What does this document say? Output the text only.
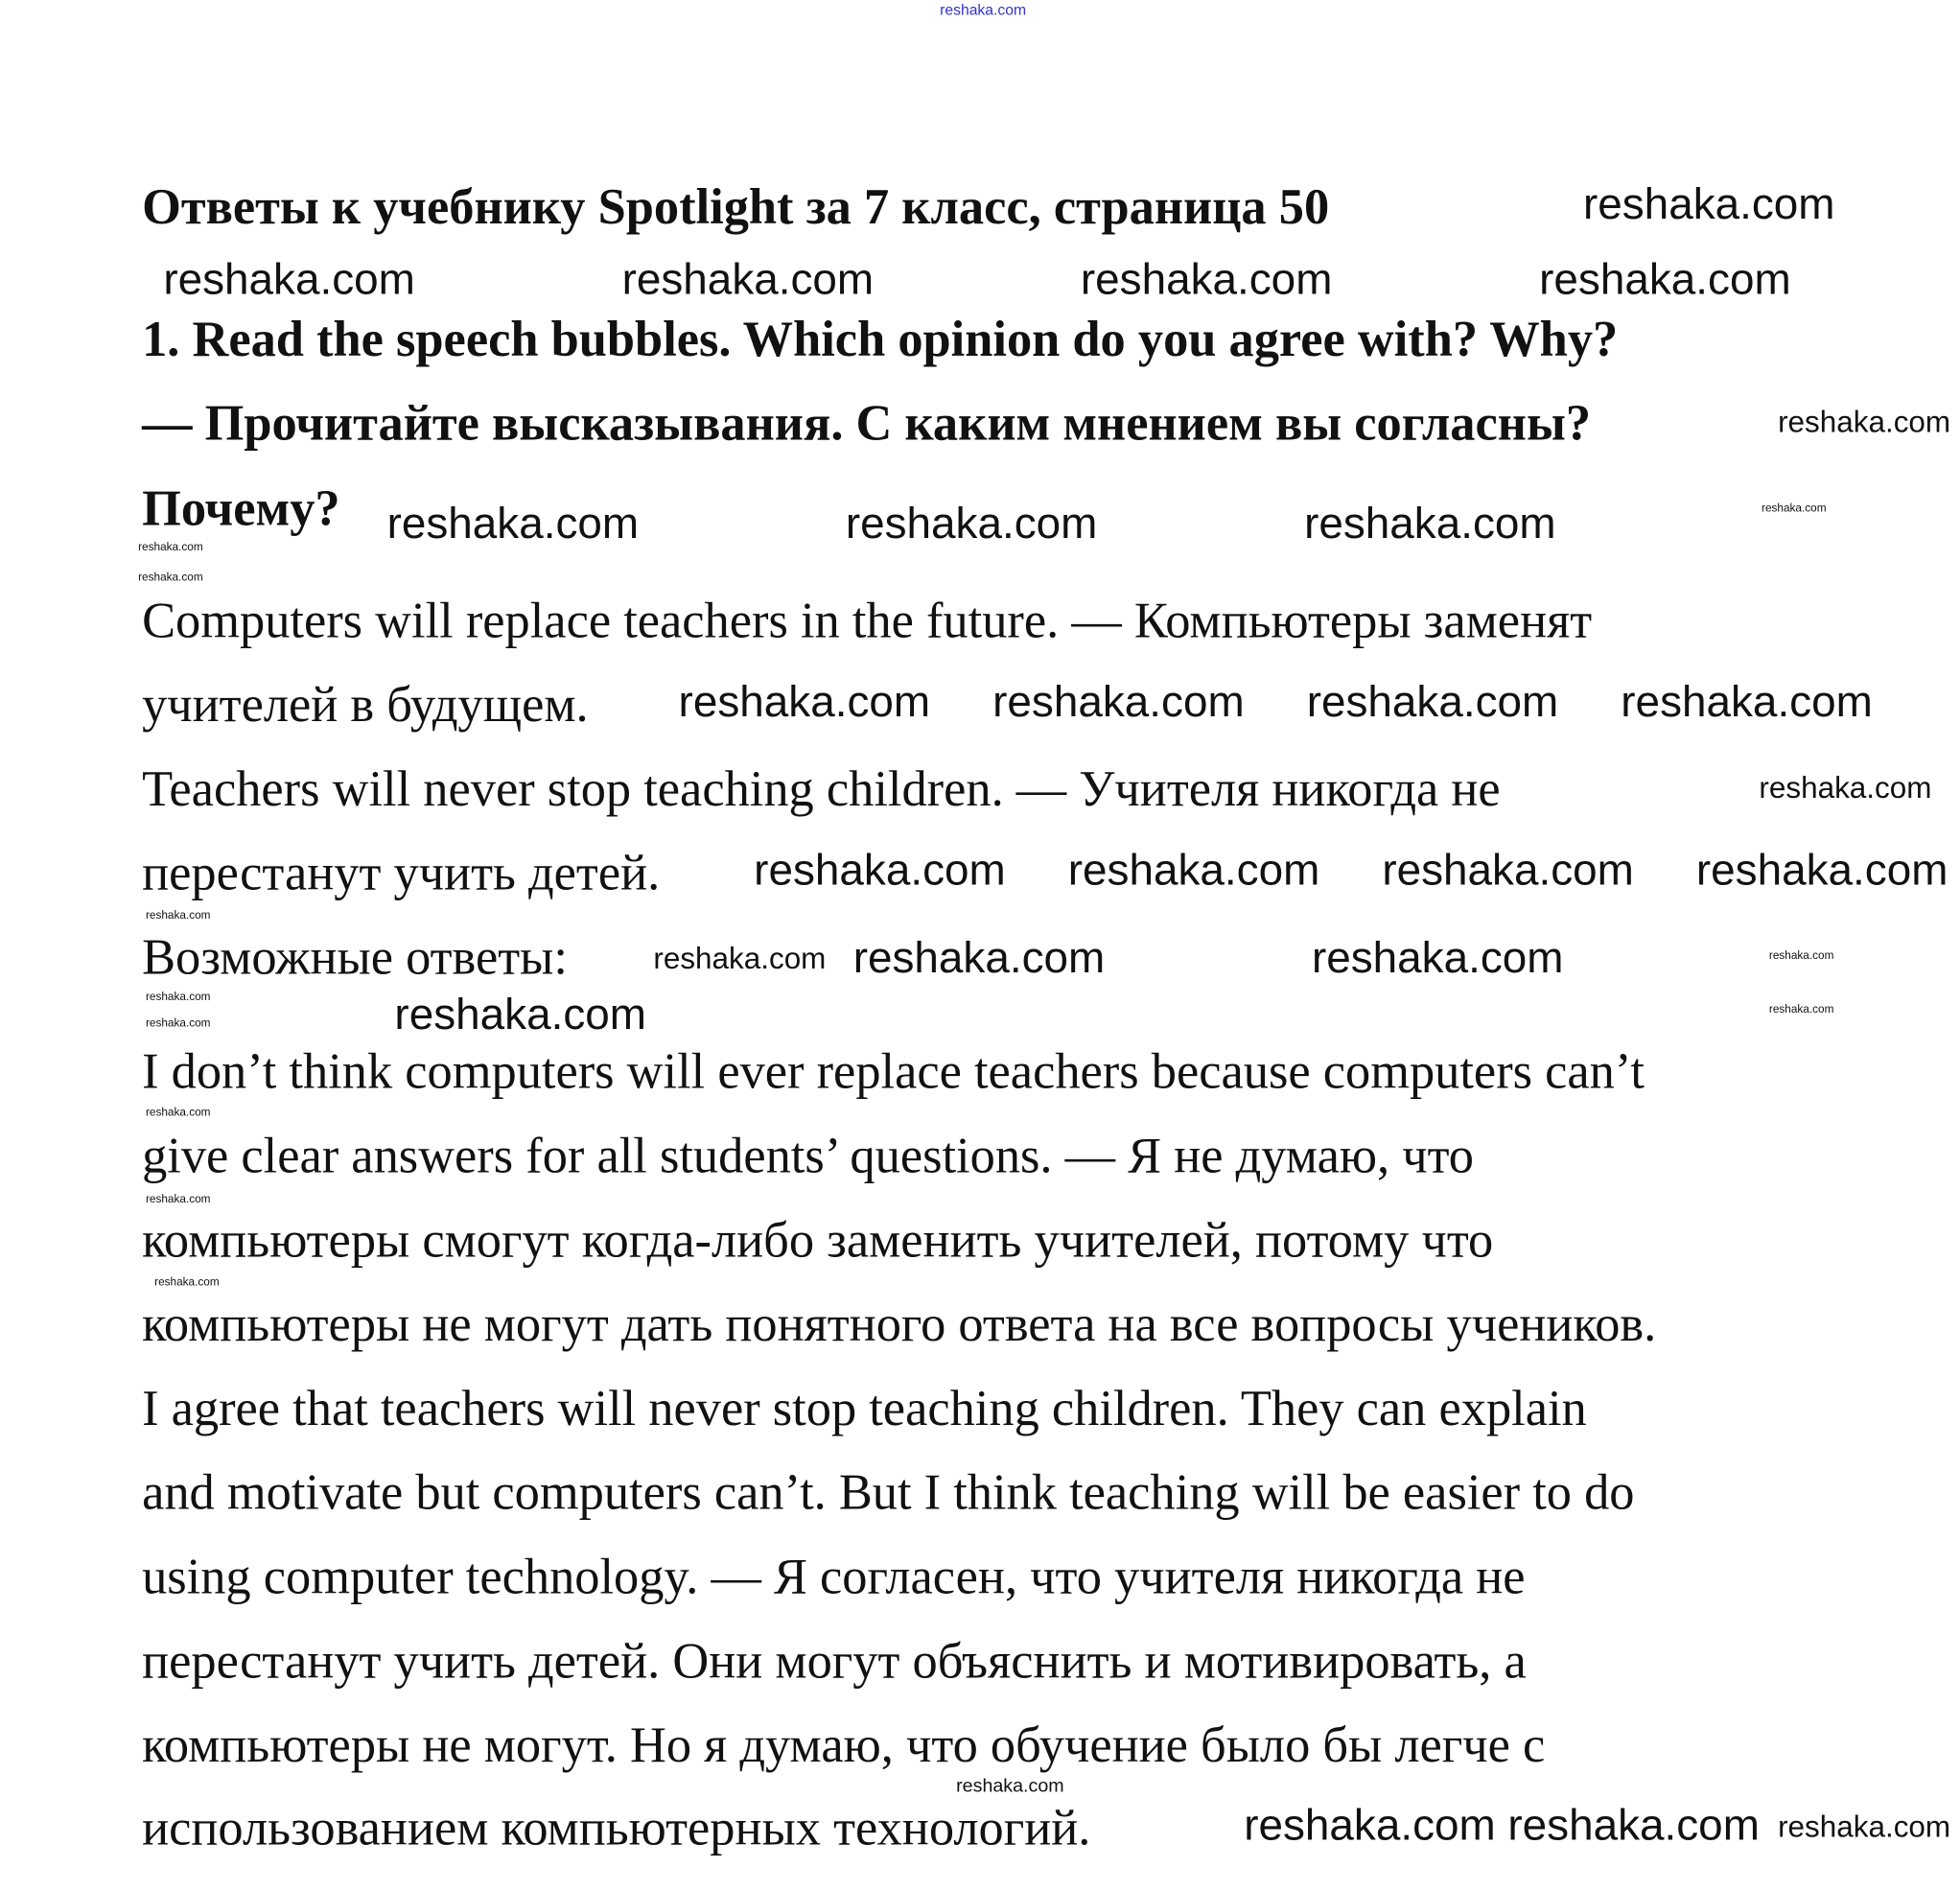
reshaka.com
Ответы к учебнику Spotlight за 7 класс, страница 50
1. Read the speech bubbles. Which opinion do you agree with? Why?
— Прочитайте высказывания. С каким мнением вы согласны?
Почему?
Computers will replace teachers in the future. — Компьютеры заменят
учителей в будущем.
Teachers will never stop teaching children. — Учителя никогда не
перестанут учить детей.
Возможные ответы:
I don’t think computers will ever replace teachers because computers can’t
give clear answers for all students’ questions. — Я не думаю, что
компьютеры смогут когда-либо заменить учителей, потому что
компьютеры не могут дать понятного ответа на все вопросы учеников.
I agree that teachers will never stop teaching children. They can explain
and motivate but computers can’t. But I think teaching will be easier to do
using computer technology. — Я согласен, что учителя никогда не
перестанут учить детей. Они могут объяснить и мотивировать, а
компьютеры не могут. Но я думаю, что обучение было бы легче с
использованием компьютерных технологий.
reshaka.com	reshaka.com	reshaka.com	reshaka.com
reshaka.com	reshaka.com	reshaka.com
reshaka.com
reshaka.com reshaka.com reshaka.com
reshaka.com
reshaka.com
reshaka.com
reshaka.com reshaka.com reshaka.com
reshaka.com
reshaka.com
reshaka.com
reshaka.com
reshaka.com
reshaka.com
reshaka.com
reshaka.com
reshaka.com
reshaka.com
reshaka.com
reshaka.com
reshaka.com
reshaka.com
reshaka.com
reshaka.com
reshaka.com
reshaka.com
reshaka.com
reshaka.com
